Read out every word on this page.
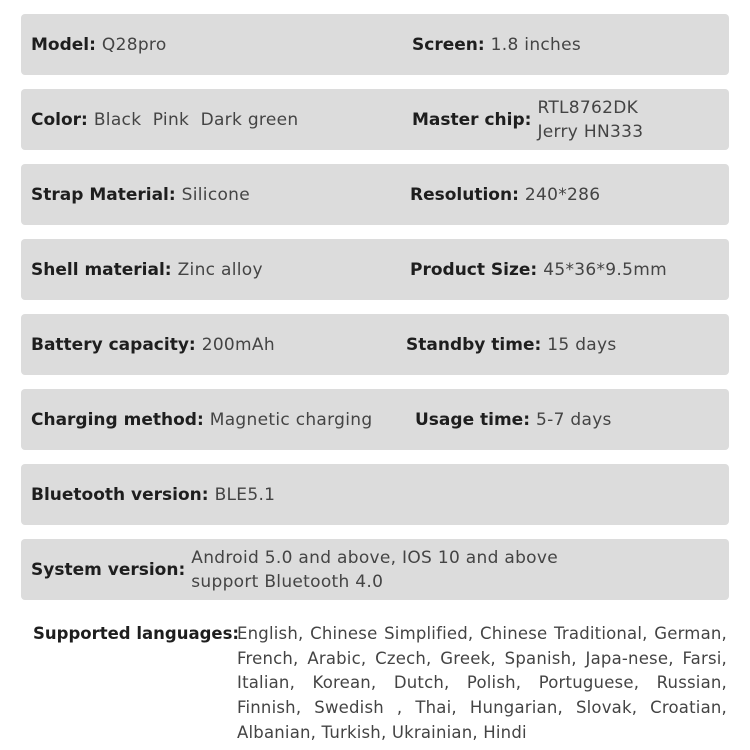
Model: Q28pro	Screen: 1.8 inches
Color: Black  Pink  Dark green	Master chip:
RTL8762DK
Jerry HN333
Strap Material: Silicone	Resolution: 240*286
Shell material: Zinc alloy	Product Size: 45*36*9.5mm
Battery capacity: 200mAh	Standby time: 15 days
Charging method: Magnetic charging	Usage time: 5-7 days
Bluetooth version: BLE5.1
System version:
Android 5.0 and above, IOS 10 and above
support Bluetooth 4.0
Supported languages:
English, Chinese Simplified, Chinese Traditional, German, French, Arabic, Czech, Greek, Spanish, Japa-nese, Farsi, Italian, Korean, Dutch, Polish, Portuguese, Russian, Finnish, Swedish , Thai, Hungarian, Slovak, Croatian, Albanian, Turkish, Ukrainian, Hindi
